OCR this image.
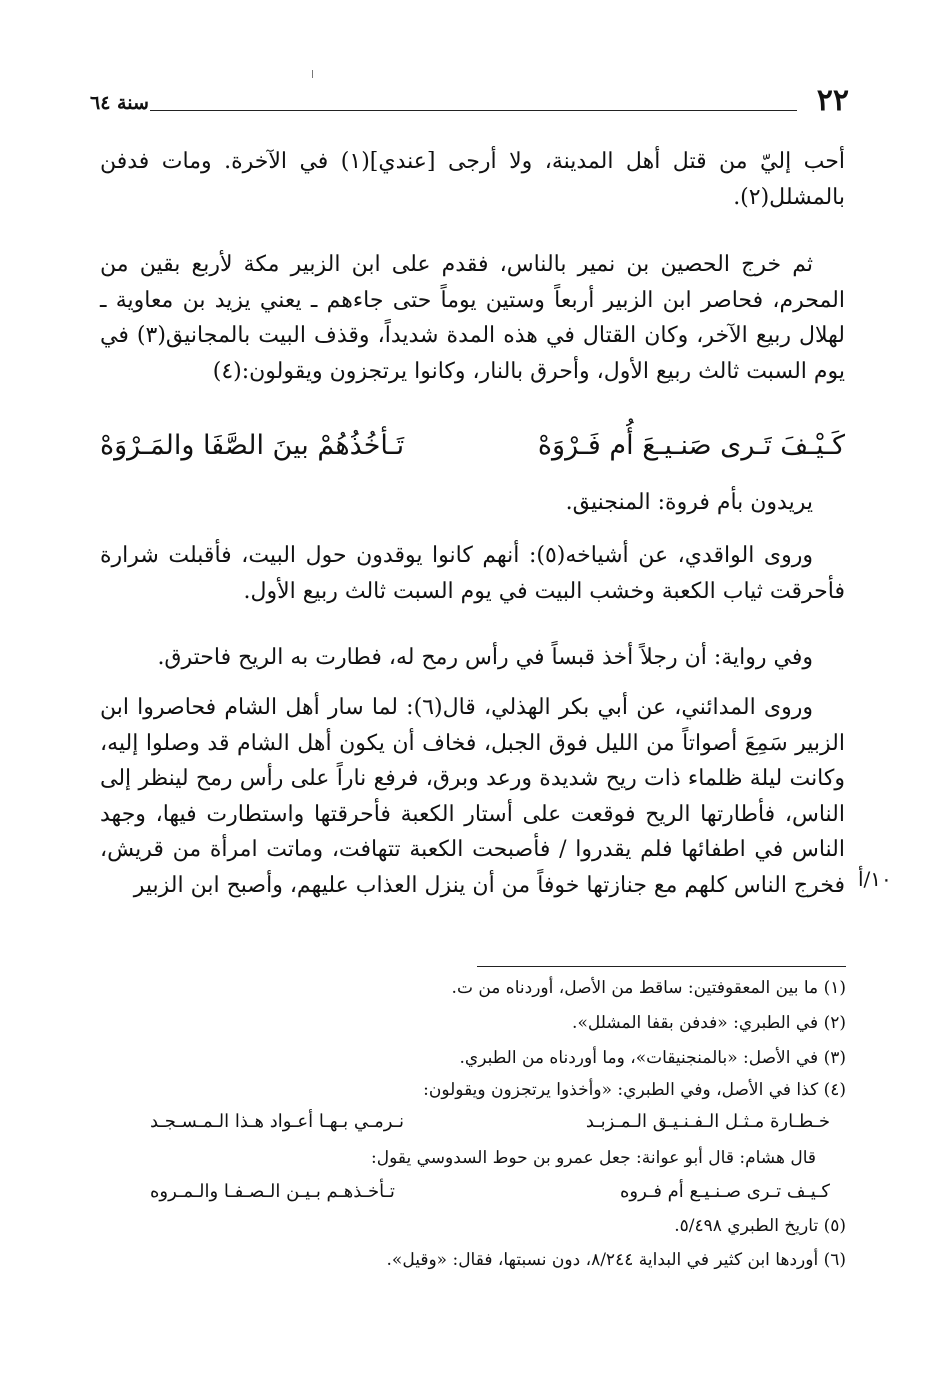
٢٢
سنة ٦٤
أحب إليّ من قتل أهل المدينة، ولا أرجى [عندي](١) في الآخرة. ومات فدفن بالمشلل(٢).
ثم خرج الحصين بن نمير بالناس، فقدم على ابن الزبير مكة لأربع بقين من المحرم، فحاصر ابن الزبير أربعاً وستين يوماً حتى جاءهم ـ يعني يزيد بن معاوية ـ لهلال ربيع الآخر، وكان القتال في هذه المدة شديداً، وقذف البيت بالمجانيق(٣) في يوم السبت ثالث ربيع الأول، وأحرق بالنار، وكانوا يرتجزون ويقولون:(٤)
كَـيْـفَ تَـرى صَنـيـعَ أُم فَـرْوَهْ
تَـأخُذُهُمْ بينَ الصَّفَا والمَـرْوَهْ
يريدون بأم فروة: المنجنيق.
وروى الواقدي، عن أشياخه(٥): أنهم كانوا يوقدون حول البيت، فأقبلت شرارة فأحرقت ثياب الكعبة وخشب البيت في يوم السبت ثالث ربيع الأول.
وفي رواية: أن رجلاً أخذ قبساً في رأس رمح له، فطارت به الريح فاحترق.
وروى المدائني، عن أبي بكر الهذلي، قال(٦): لما سار أهل الشام فحاصروا ابن الزبير سَمِعَ أصواتاً من الليل فوق الجبل، فخاف أن يكون أهل الشام قد وصلوا إليه، وكانت ليلة ظلماء ذات ريح شديدة ورعد وبرق، فرفع ناراً على رأس رمح لينظر إلى الناس، فأطارتها الريح فوقعت على أستار الكعبة فأحرقتها واستطارت فيها، وجهد الناس في اطفائها فلم يقدروا / فأصبحت الكعبة تتهافت، وماتت امرأة من قريش، فخرج الناس كلهم مع جنازتها خوفاً من أن ينزل العذاب عليهم، وأصبح ابن الزبير ١٠/أ
(١) ما بين المعقوفتين: ساقط من الأصل، أوردناه من ت.
(٢) في الطبري: «فدفن بقفا المشلل».
(٣) في الأصل: «بالمنجنيقات»، وما أوردناه من الطبري.
(٤) كذا في الأصل، وفي الطبري: «وأخذوا يرتجزون ويقولون:
خـطـارة مـثـل الـفـنـيـق الـمـزبـد
نـرمـي بـهـا أعـواد هـذا الـمـسـجـد
قال هشام: قال أبو عوانة: جعل عمرو بن حوط السدوسي يقول:
كـيـف تـرى صـنـيـع أم فـروه
تـأخـذهـم بـيـن الـصـفـا والـمـروه
(٥) تاريخ الطبري ٥/٤٩٨.
(٦) أوردها ابن كثير في البداية ٨/٢٤٤، دون نسبتها، فقال: «وقيل».
